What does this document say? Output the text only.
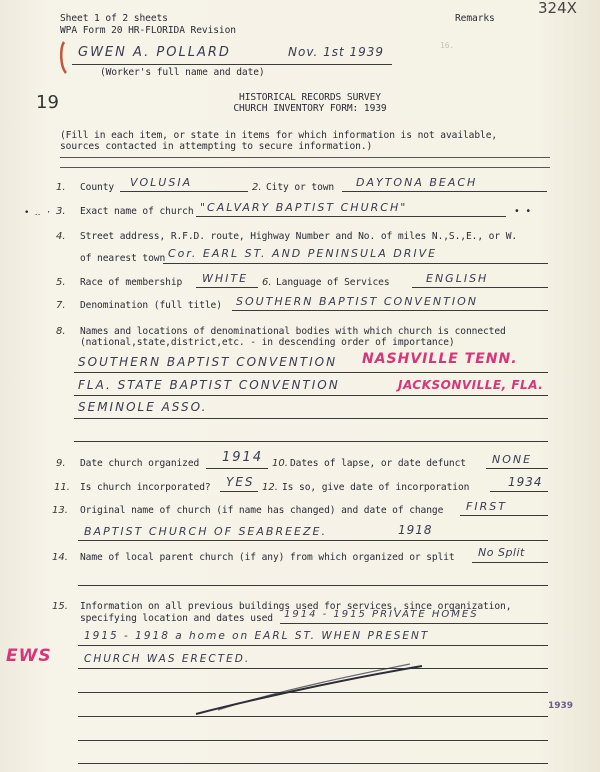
Sheet 1 of 2 sheets
WPA Form 20 HR-FLORIDA Revision
Remarks
324X
GWEN A. POLLARD	Nov. 1st 1939
(Worker's full name and date)
19	HISTORICAL RECORDS SURVEY
CHURCH INVENTORY FORM: 1939
16.
(Fill in each item, or state in items for which information is not available,
sources contacted in attempting to secure information.)
1. County VOLUSIA	2. City or town DAYTONA BEACH
• ‥ · 3. Exact name of church "CALVARY BAPTIST CHURCH"	• •
4. Street address, R.F.D. route, Highway Number and No. of miles N.,S.,E., or W.
of nearest town Cor. EARL ST. AND PENINSULA DRIVE
5. Race of membership WHITE 6. Language of Services	ENGLISH
7. Denomination (full title) SOUTHERN BAPTIST CONVENTION
8. Names and locations of denominational bodies with which church is connected
(national,state,district,etc. - in descending order of importance)
SOUTHERN BAPTIST CONVENTION NASHVILLE TENN.
FLA. STATE BAPTIST CONVENTION	JACKSONVILLE, FLA.
SEMINOLE ASSO.
9. Date church organized 1914 10. Dates of lapse, or date defunct NONE
11. Is church incorporated? YES 12. Is so, give date of incorporation	1934
13. Original name of church (if name has changed) and date of change FIRST
BAPTIST CHURCH OF SEABREEZE.	1918
14. Name of local parent church (if any) from which organized or split No Split
15. Information on all previous buildings used for services, since organization,
specifying location and dates used 1914 - 1915 PRIVATE HOMES
1915 - 1918 a home on EARL ST. WHEN PRESENT
CHURCH WAS ERECTED.
EWS
1939
